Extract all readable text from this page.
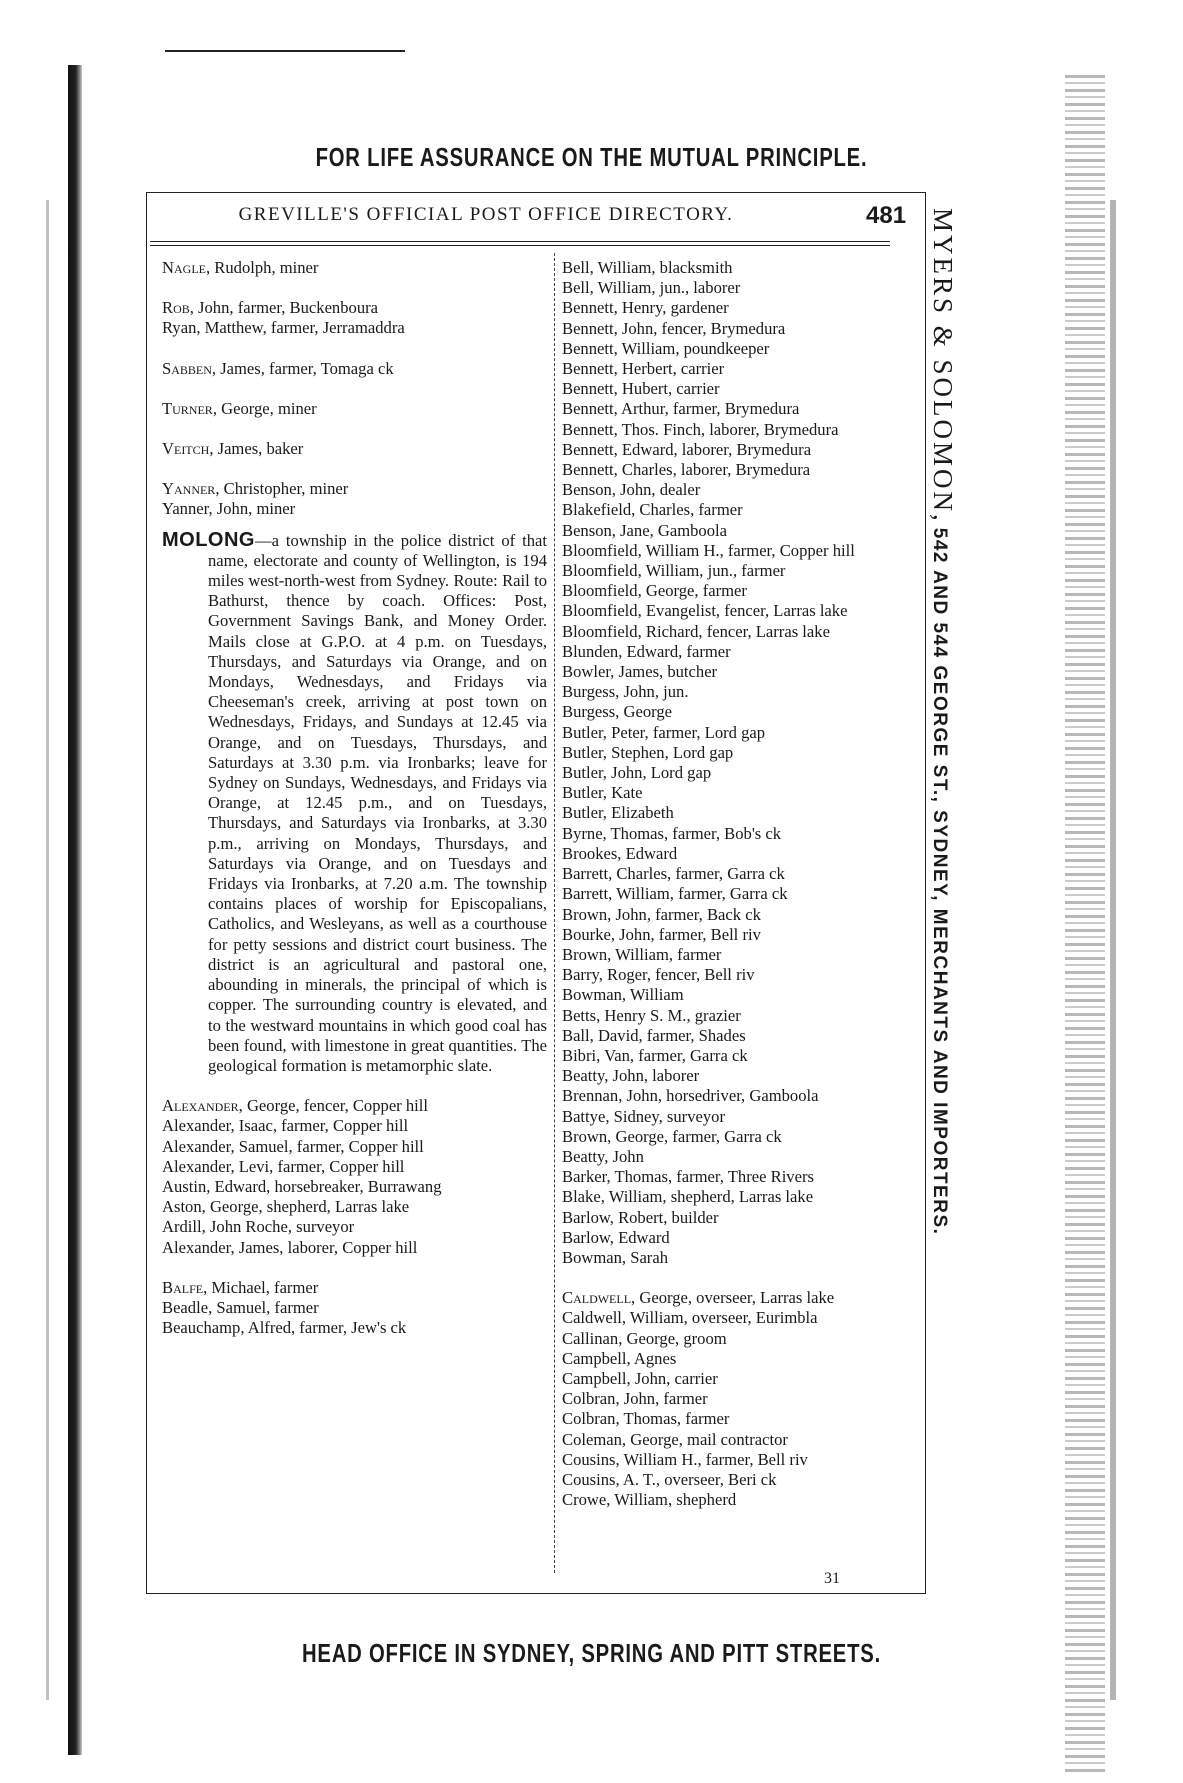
FOR LIFE ASSURANCE ON THE MUTUAL PRINCIPLE.
GREVILLE'S OFFICIAL POST OFFICE DIRECTORY.	481
Nagle, Rudolph, miner
Rob, John, farmer, Buckenboura
Ryan, Matthew, farmer, Jerramaddra
Sabben, James, farmer, Tomaga ck
Turner, George, miner
Veitch, James, baker
Yanner, Christopher, miner
Yanner, John, miner
MOLONG—a township in the police district of that name, electorate and county of Wellington, is 194 miles west-north-west from Sydney. Route: Rail to Bathurst, thence by coach. Offices: Post, Government Savings Bank, and Money Order. Mails close at G.P.O. at 4 p.m. on Tuesdays, Thursdays, and Saturdays via Orange, and on Mondays, Wednesdays, and Fridays via Cheeseman's creek, arriving at post town on Wednesdays, Fridays, and Sundays at 12.45 via Orange, and on Tuesdays, Thursdays, and Saturdays at 3.30 p.m. via Ironbarks; leave for Sydney on Sundays, Wednesdays, and Fridays via Orange, at 12.45 p.m., and on Tuesdays, Thursdays, and Saturdays via Ironbarks, at 3.30 p.m., arriving on Mondays, Thursdays, and Saturdays via Orange, and on Tuesdays and Fridays via Ironbarks, at 7.20 a.m. The township contains places of worship for Episcopalians, Catholics, and Wesleyans, as well as a courthouse for petty sessions and district court business. The district is an agricultural and pastoral one, abounding in minerals, the principal of which is copper. The surrounding country is elevated, and to the westward mountains in which good coal has been found, with limestone in great quantities. The geological formation is metamorphic slate.
Alexander, George, fencer, Copper hill
Alexander, Isaac, farmer, Copper hill
Alexander, Samuel, farmer, Copper hill
Alexander, Levi, farmer, Copper hill
Austin, Edward, horsebreaker, Burrawang
Aston, George, shepherd, Larras lake
Ardill, John Roche, surveyor
Alexander, James, laborer, Copper hill
Balfe, Michael, farmer
Beadle, Samuel, farmer
Beauchamp, Alfred, farmer, Jew's ck
Bell, William, blacksmith
Bell, William, jun., laborer
Bennett, Henry, gardener
Bennett, John, fencer, Brymedura
Bennett, William, poundkeeper
Bennett, Herbert, carrier
Bennett, Hubert, carrier
Bennett, Arthur, farmer, Brymedura
Bennett, Thos. Finch, laborer, Brymedura
Bennett, Edward, laborer, Brymedura
Bennett, Charles, laborer, Brymedura
Benson, John, dealer
Blakefield, Charles, farmer
Benson, Jane, Gamboola
Bloomfield, William H., farmer, Copper hill
Bloomfield, William, jun., farmer
Bloomfield, George, farmer
Bloomfield, Evangelist, fencer, Larras lake
Bloomfield, Richard, fencer, Larras lake
Blunden, Edward, farmer
Bowler, James, butcher
Burgess, John, jun.
Burgess, George
Butler, Peter, farmer, Lord gap
Butler, Stephen, Lord gap
Butler, John, Lord gap
Butler, Kate
Butler, Elizabeth
Byrne, Thomas, farmer, Bob's ck
Brookes, Edward
Barrett, Charles, farmer, Garra ck
Barrett, William, farmer, Garra ck
Brown, John, farmer, Back ck
Bourke, John, farmer, Bell riv
Brown, William, farmer
Barry, Roger, fencer, Bell riv
Bowman, William
Betts, Henry S. M., grazier
Ball, David, farmer, Shades
Bibri, Van, farmer, Garra ck
Beatty, John, laborer
Brennan, John, horsedriver, Gamboola
Battye, Sidney, surveyor
Brown, George, farmer, Garra ck
Beatty, John
Barker, Thomas, farmer, Three Rivers
Blake, William, shepherd, Larras lake
Barlow, Robert, builder
Barlow, Edward
Bowman, Sarah
Caldwell, George, overseer, Larras lake
Caldwell, William, overseer, Eurimbla
Callinan, George, groom
Campbell, Agnes
Campbell, John, carrier
Colbran, John, farmer
Colbran, Thomas, farmer
Coleman, George, mail contractor
Cousins, William H., farmer, Bell riv
Cousins, A. T., overseer, Beri ck
Crowe, William, shepherd
31
HEAD OFFICE IN SYDNEY, SPRING AND PITT STREETS.
MYERS & SOLOMON, 542 AND 544 GEORGE ST., SYDNEY, MERCHANTS AND IMPORTERS.
